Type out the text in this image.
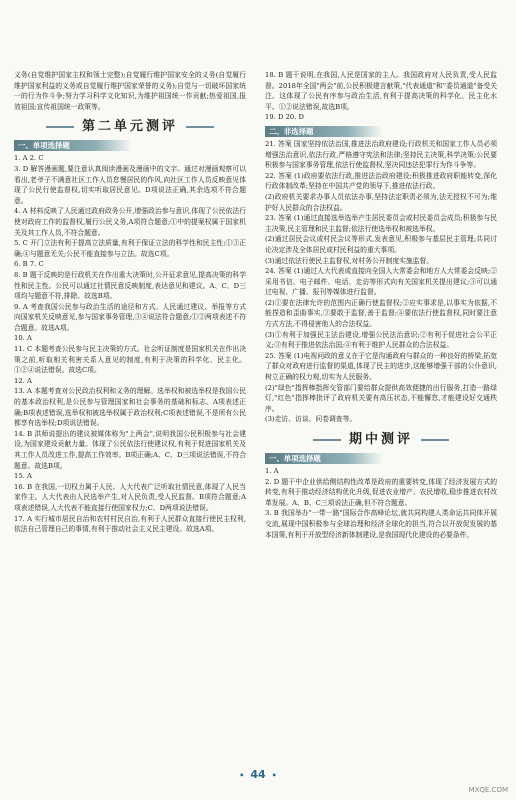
义务(自觉维护国家主权和领土完整);自觉履行维护国家安全的义务(自觉履行维护国家利益的义务或自觉履行维护国家荣誉的义务);自觉与一切破坏国家统一的行为作斗争;努力学习科学文化知识,为维护祖国统一作贡献;热爱祖国,报效祖国;宣传祖国统一政策等。

第二单元测评
一、单项选择题

1. A 2. C

3. D 解答漫画题,要注意认真阅读漫画及漫画中的文字。通过对漫画观察可以看出,老爷子不满意社区工作人员怠慢居民的作风,向社区工作人员反映意见体现了公民行使监督权,切实听取居民意见。D项说法正确,其余选项不符合题意。

4. A 材料反映了人民通过政府政务公开,增强政治参与意识,体现了公民依法行使对政府工作的监督权,履行公民义务,A项符合题意;①中的提案权属于国家机关及其工作人员,不符合题意。

5. C 开门立法有利于提高立法质量,有利于保证立法的科学性和民主性;①③正确;④与题意无关;公民不能直接参与立法。故选C项。

6. B 7. C

8. B 题干反映的是行政机关在作出重大决策时,公开征求意见,提高决策的科学性和民主性。公民可以通过社情民意反映制度,表达意见和建议。A、C、D三项均与题意不符,排除。故选B项。

9. A 考查我国公民参与政治生活的途径和方式。人民通过建议、举报等方式向国家机关反映意见,参与国家事务管理,③④说法符合题意;①②两项表述不符合题意。故选A项。

10. A

11. C 本题考查公民参与民主决策的方式。社会听证制度是国家机关在作出决策之前,听取相关利害关系人意见的制度,有利于决策的科学化、民主化。①②④说法错误。故选C项。

12. A

13. A 本题考查对公民政治权利和义务的理解。选举权和被选举权是我国公民的基本政治权利,是公民参与管理国家和社会事务的基础和标志。A项表述正确;B项表述错误,选举权和被选举权属于政治权利;C项表述错误,不是所有公民都享有选举权;D项说法错误。

14. B 洪师说提出的建议被媒体称为"上两会",说明我国公民积极参与社会建设,为国家建设贡献力量。体现了公民依法行使建议权,有利于促进国家机关及其工作人员改进工作,提高工作效率。B项正确;A、C、D三项说法错误,不符合题意。故选B项。

15. A

16. B 在我国,一切权力属于人民。人大代表广泛听取社情民意,体现了人民当家作主。人大代表由人民选举产生,对人民负责,受人民监督。B项符合题意;A项表述错误,人大代表不能直接行使国家权力;C、D两项说法错误。

17. A 实行城市居民自治和农村村民自治,有利于人民群众直接行使民主权利,依法自己管理自己的事情,有利于推动社会主义民主建设。故选A项。

18. B 题干说明,在我国,人民是国家的主人。我国政府对人民负责,受人民监督。2018年全国"两会"前,公民积极建言献策,"代表通道"和"委员通道"备受关注。这体现了公民有序参与政治生活,有利于提高决策的科学化、民主化水平。①②说法错误,故选B项。

19. D 20. D

二、非选择题

21. 答案 国家坚持依法治国,推进法治政府建设;行政机关和国家工作人员必须增强法治意识,依法行政,严格遵守宪法和法律;坚持民主决策,科学决策;公民要积极参与国家事务管理,依法行使监督权,坚决同违法犯罪行为作斗争等。

22. 答案 (1)政府要依法行政,推进法治政府建设;积极推进政府职能转变,深化行政体制改革;坚持在中国共产党的领导下,推进依法行政。

(2)政府机关要求办事人员依法办事,坚持法定职责必须为,法无授权不可为;维护好人民群众的合法权益。

23. 答案 (1)通过直接选举选举产生居民委员会或村民委员会成员;积极参与民主决策,民主管理和民主监督;依法行使选举权和被选举权。

(2)通过居民会议或村民会议等形式,发表意见,积极参与基层民主管理;共同讨论决定涉及全体居民或村民利益的重大事项。

(3)通过依法行使民主监督权,对村务公开制度实施监督。

24. 答案 (1)通过人大代表或直接向全国人大常委会和地方人大常委会反映;②采用书信、电子邮件、电话、走访等形式向有关国家机关提出建议;③可以通过电视、广播、报刊等媒体进行监督。

(2)①要在法律允许的范围内正确行使监督权;②应实事求是,以事实为依据,不能捏造和歪曲事实,③要敢于监督,善于监督;④要依法行使监督权,同时要注意方式方法,不得侵害他人的合法权益。

(3)①有利于加强民主法治建设,增强公民法治意识;②有利于促进社会公平正义;③有利于推进依法治国;④有利于维护人民群众的合法权益。

25. 答案 (1)电视问政的意义在于它是沟通政府与群众的一种良好的桥梁,拓宽了群众对政府进行监督的渠道,体现了民主的进步,这能够增强干部的公仆意识,树立正确的权力观,切实为人民服务。

(2)"绿色"指挥棒指挥交管部门要给群众提供高效便捷的出行服务,打造一路绿灯,"红色"指挥棒批评了政府机关要有高压状态,不能懈怠,才能建设好交通秩序。

(3)走访、访谈、问卷调查等。

期中测评
一、单项选择题

1. A

2. D 题干中企业供给侧结构性改革是政府的重要转变,体现了经济发展方式的转变,有利于推动经济结构优化升级,促进农业增产、农民增收,稳步推进农村改革发展。A、B、C三项说法正确,但不符合题意。

3. B 我国举办"一带一路"国际合作高峰论坛,就共同构建人类命运共同体开展交流,展现中国积极参与全球治理和经济全球化的担当,符合以开放促发展的基本国策,有利于开放型经济新体制建设,是我国现代化建设的必要条件。

• 44 •
MXQE.COM
